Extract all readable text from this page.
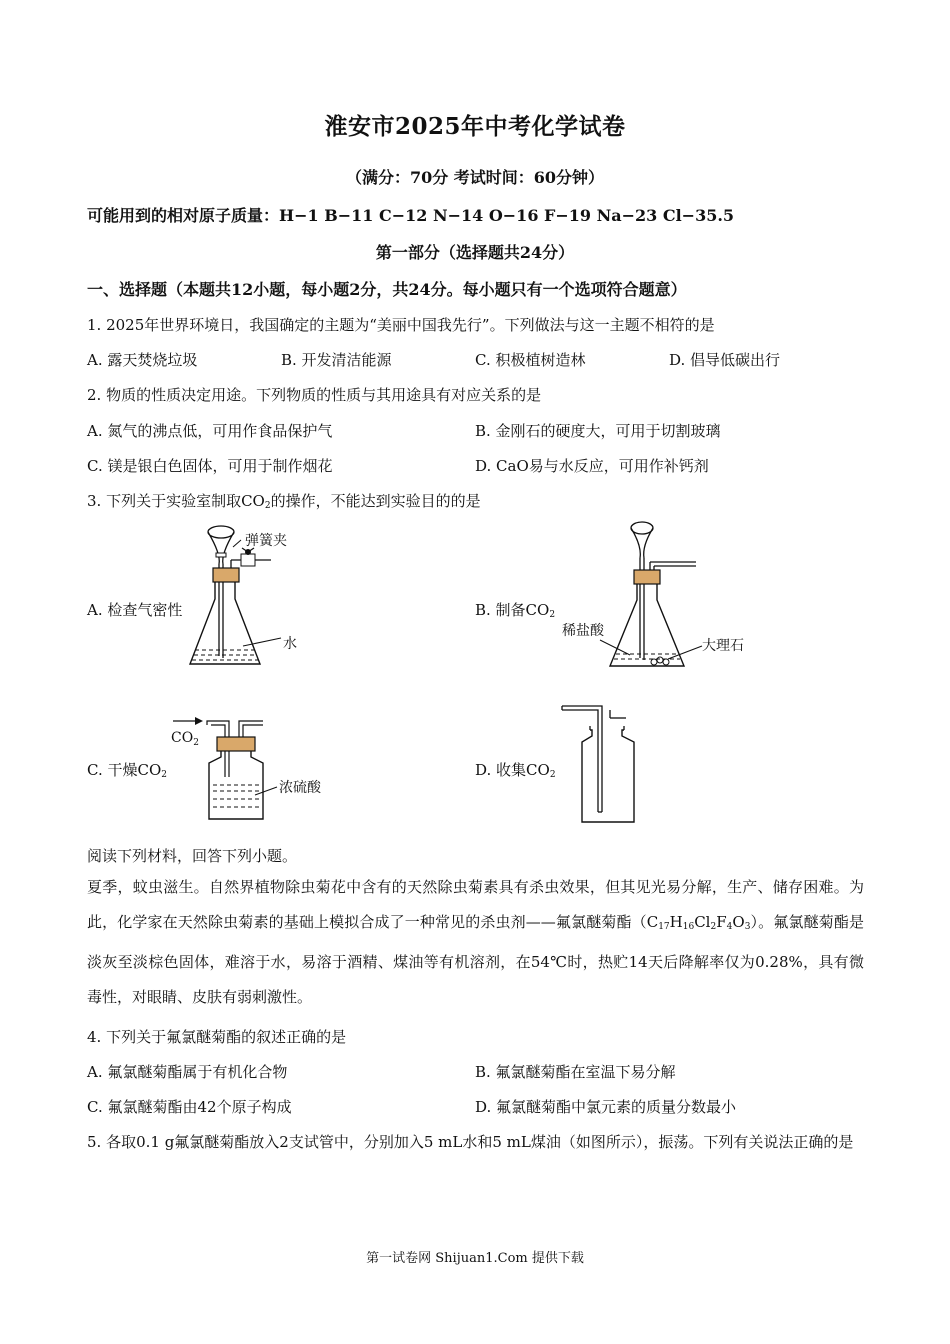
淮安市2025年中考化学试卷
（满分：70分 考试时间：60分钟）
可能用到的相对原子质量：H−1 B−11 C−12 N−14 O−16 F−19 Na−23 Cl−35.5
第一部分（选择题共24分）
一、选择题（本题共12小题，每小题2分，共24分。每小题只有一个选项符合题意）
1. 2025年世界环境日，我国确定的主题为“美丽中国我先行”。下列做法与这一主题不相符的是
A. 露天焚烧垃圾	B. 开发清洁能源	C. 积极植树造林	D. 倡导低碳出行
2. 物质的性质决定用途。下列物质的性质与其用途具有对应关系的是
A. 氮气的沸点低，可用作食品保护气	B. 金刚石的硬度大，可用于切割玻璃
C. 镁是银白色固体，可用于制作烟花	D. CaO易与水反应，可用作补钙剂
3. 下列关于实验室制取$CO_2$的操作，不能达到实验目的的是
A. 检查气密性	B. 制备$CO_2$
C. 干燥$CO_2$	D. 收集$CO_2$
弹簧夹
水
稀盐酸
大理石
$CO_2$
浓硫酸
阅读下列材料，回答下列小题。
夏季，蚊虫滋生。自然界植物除虫菊花中含有的天然除虫菊素具有杀虫效果，但其见光易分解，生产、储存困难。为此，化学家在天然除虫菊素的基础上模拟合成了一种常见的杀虫剂——氟氯醚菊酯$(C_{17}H_{16}Cl_2F_4O_3)$。氟氯醚菊酯是淡灰至淡棕色固体，难溶于水，易溶于酒精、煤油等有机溶剂，在54℃时，热贮14天后降解率仅为0.28%，具有微毒性，对眼睛、皮肤有弱刺激性。
4. 下列关于氟氯醚菊酯的叙述正确的是
A. 氟氯醚菊酯属于有机化合物	B. 氟氯醚菊酯在室温下易分解
C. 氟氯醚菊酯由42个原子构成	D. 氟氯醚菊酯中氯元素的质量分数最小
5. 各取0.1 g氟氯醚菊酯放入2支试管中，分别加入5 mL水和5 mL煤油（如图所示），振荡。下列有关说法正确的是
第一试卷网 Shijuan1.Com 提供下载
